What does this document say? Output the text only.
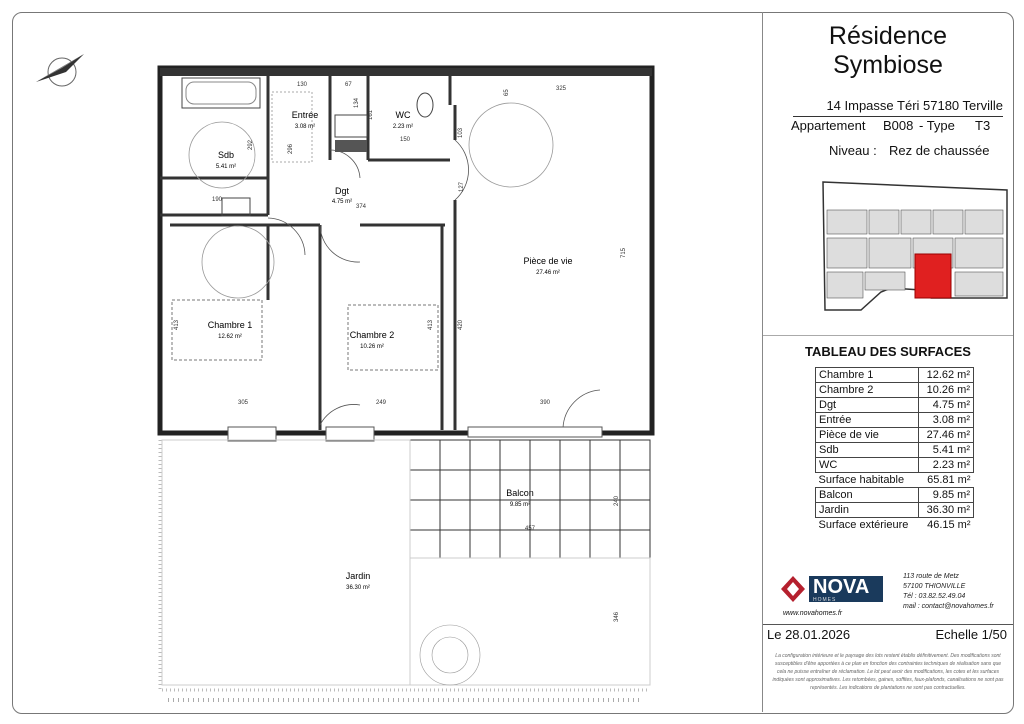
Entrée
3.08 m²
WC
2.23 m²
Sdb
5.41 m²
Dgt
4.75 m²
Pièce de vie
27.46 m²
Chambre 1
12.62 m²	Chambre 2
10.26 m²
Balcon
9.85 m²
Jardin
36.30 m²
130	67
161
134
150
65
325
292	296
103
127
190
374
715
413	420
413
305	249	390
240
457
346
Résidence
Symbiose
14 Impasse Téri 57180 Terville
Appartement B008 - Type T3
Niveau : Rez de chaussée
TABLEAU DES SURFACES
Chambre 1	12.62 m²
Chambre 2	10.26 m²
Dgt	4.75 m²
Entrée	3.08 m²
Pièce de vie	27.46 m²
Sdb	5.41 m²
WC	2.23 m²
Surface habitable	65.81 m²
Balcon	9.85 m²
Jardin	36.30 m²
Surface extérieure	46.15 m²
NOVA
HOMES
www.novahomes.fr
113 route de Metz
57100 THIONVILLE
Tél : 03.82.52.49.04
mail : contact@novahomes.fr
Le 28.01.2026	Echelle 1/50
La configuration intérieure et le paysage des lots restent établis définitivement. Des modifications sont susceptibles d'être apportées à ce plan en fonction des contraintes techniques de réalisation sans que cela ne puisse entraîner de réclamation. Le lot peut avoir des modifications, les cotes et les surfaces indiquées sont approximatives. Les retombées, gaines, soffites, faux-plafonds, canalisations ne sont pas représentés. Les indications de plantations ne sont pas contractuelles.
